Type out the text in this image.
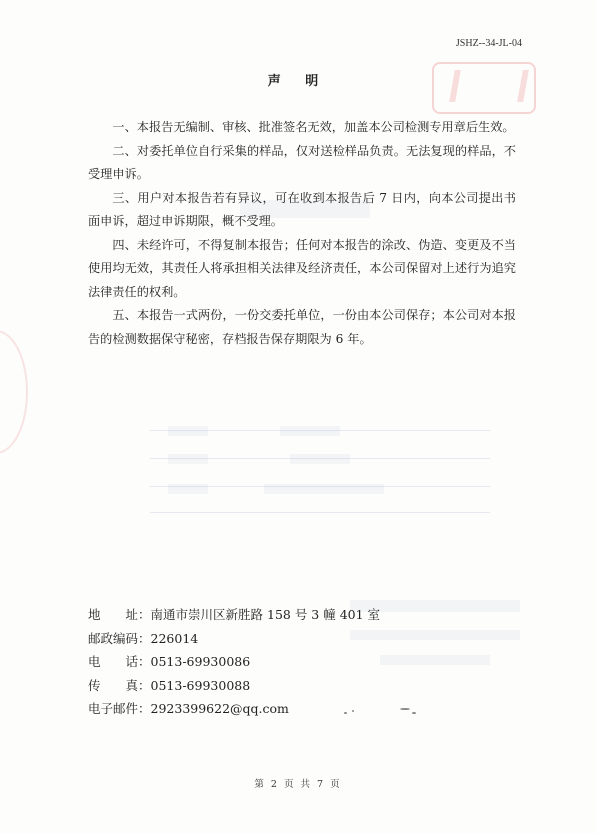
JSHZ--34-JL-04
声 明

一、本报告无编制、审核、批准签名无效，加盖本公司检测专用章后生效。

二、对委托单位自行采集的样品，仅对送检样品负责。无法复现的样品，不受理申诉。

三、用户对本报告若有异议，可在收到本报告后 7 日内，向本公司提出书面申诉，超过申诉期限，概不受理。

四、未经许可，不得复制本报告；任何对本报告的涂改、伪造、变更及不当使用均无效，其责任人将承担相关法律及经济责任，本公司保留对上述行为追究法律责任的权利。

五、本报告一式两份，一份交委托单位，一份由本公司保存；本公司对本报告的检测数据保守秘密，存档报告保存期限为 6 年。

地　　址：南通市崇川区新胜路 158 号 3 幢 401 室
邮政编码：226014
电　　话：0513-69930086
传　　真：0513-69930088
电子邮件：2923399622@qq.com
第 2 页 共 7 页
